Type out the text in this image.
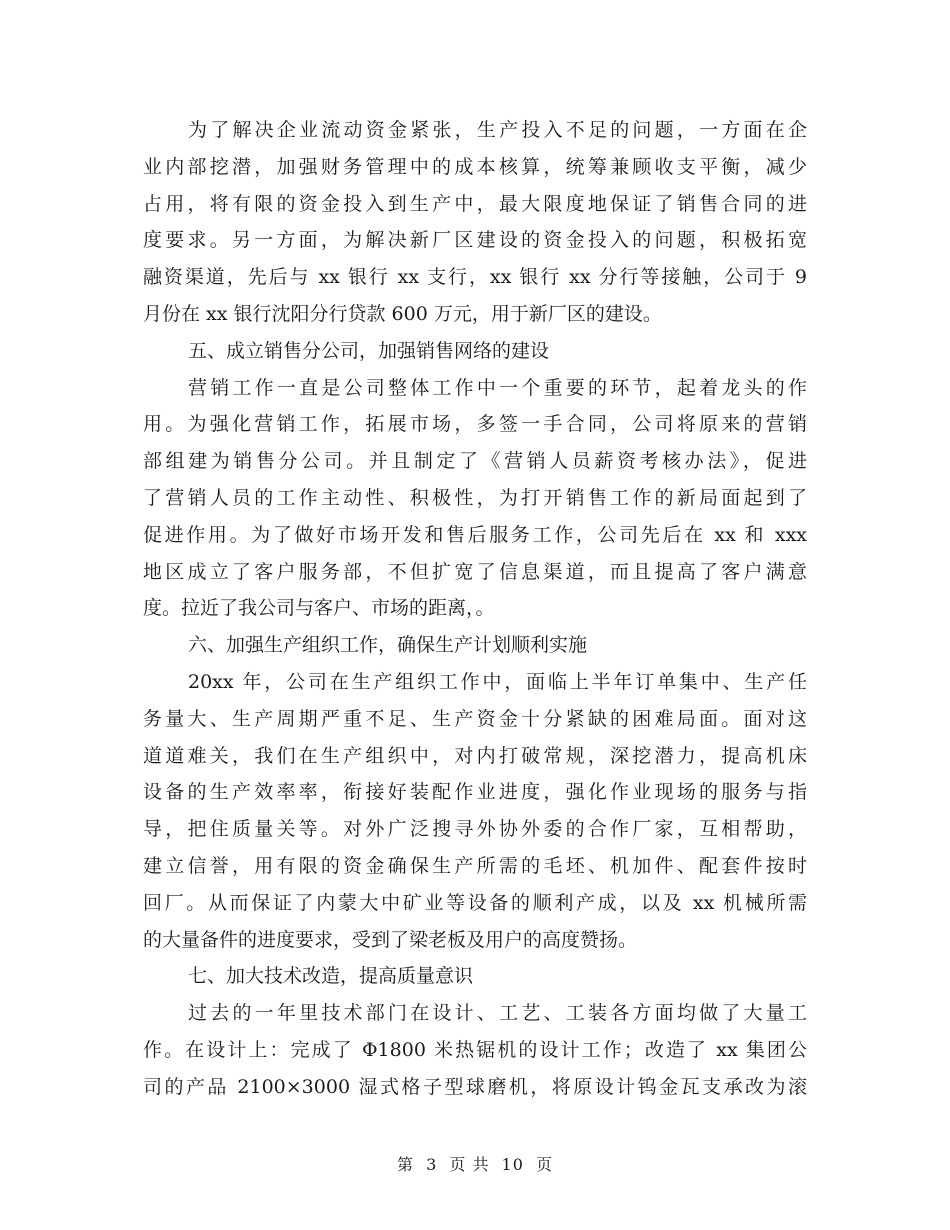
为了解决企业流动资金紧张，生产投入不足的问题，一方面在企
业内部挖潜，加强财务管理中的成本核算，统筹兼顾收支平衡，减少
占用，将有限的资金投入到生产中，最大限度地保证了销售合同的进
度要求。另一方面，为解决新厂区建设的资金投入的问题，积极拓宽
融资渠道，先后与 xx 银行 xx 支行，xx 银行 xx 分行等接触，公司于 9
月份在 xx 银行沈阳分行贷款 600 万元，用于新厂区的建设。
五、成立销售分公司，加强销售网络的建设
营销工作一直是公司整体工作中一个重要的环节，起着龙头的作
用。为强化营销工作，拓展市场，多签一手合同，公司将原来的营销
部组建为销售分公司。并且制定了《营销人员薪资考核办法》，促进
了营销人员的工作主动性、积极性，为打开销售工作的新局面起到了
促进作用。为了做好市场开发和售后服务工作，公司先后在 xx 和 xxx
地区成立了客户服务部，不但扩宽了信息渠道，而且提高了客户满意
度。拉近了我公司与客户、市场的距离，。
六、加强生产组织工作，确保生产计划顺利实施
20xx 年，公司在生产组织工作中，面临上半年订单集中、生产任
务量大、生产周期严重不足、生产资金十分紧缺的困难局面。面对这
道道难关，我们在生产组织中，对内打破常规，深挖潜力，提高机床
设备的生产效率率，衔接好装配作业进度，强化作业现场的服务与指
导，把住质量关等。对外广泛搜寻外协外委的合作厂家，互相帮助，
建立信誉，用有限的资金确保生产所需的毛坯、机加件、配套件按时
回厂。从而保证了内蒙大中矿业等设备的顺利产成，以及 xx 机械所需
的大量备件的进度要求，受到了梁老板及用户的高度赞扬。
七、加大技术改造，提高质量意识
过去的一年里技术部门在设计、工艺、工装各方面均做了大量工
作。在设计上：完成了 Φ1800 米热锯机的设计工作；改造了 xx 集团公
司的产品 2100×3000 湿式格子型球磨机，将原设计钨金瓦支承改为滚
第 3 页 共 10 页
